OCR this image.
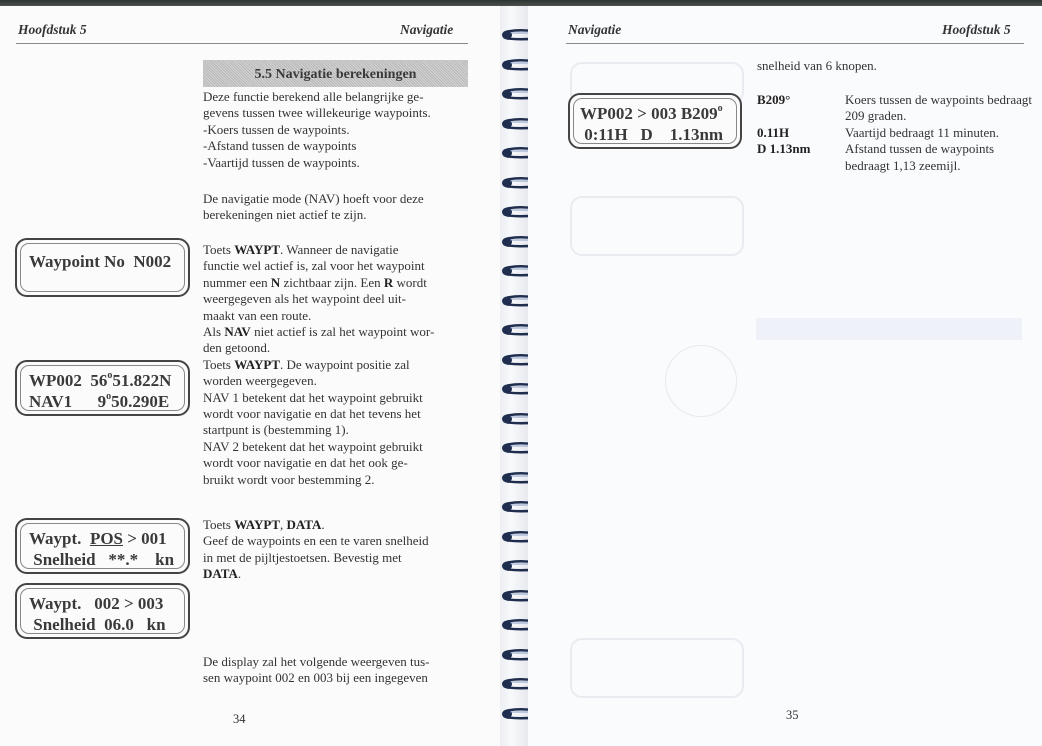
Hoofdstuk 5	Navigatie
5.5 Navigatie berekeningen

Deze functie berekend alle belangrijke ge-

gevens tussen twee willekeurige waypoints.

-Koers tussen de waypoints.

-Afstand tussen de waypoints

-Vaartijd tussen de waypoints.

De navigatie mode (NAV) hoeft voor deze

berekeningen niet actief te zijn.

Toets WAYPT. Wanneer de navigatie

functie wel actief is, zal voor het waypoint

nummer een N zichtbaar zijn. Een R wordt

weergegeven als het waypoint deel uit-

maakt van een route.

Als NAV niet actief is zal het waypoint wor-

den getoond.

Toets WAYPT. De waypoint positie zal

worden weergegeven.

NAV 1 betekent dat het waypoint gebruikt

wordt voor navigatie en dat het tevens het

startpunt is (bestemming 1).

NAV 2 betekent dat het waypoint gebruikt

wordt voor navigatie en dat het ook ge-

bruikt wordt voor bestemming 2.

Toets WAYPT, DATA.

Geef de waypoints en een te varen snelheid

in met de pijltjestoetsen. Bevestig met

DATA.

De display zal het volgende weergeven tus-

sen waypoint 002 en 003 bij een ingegeven

Waypoint No  N002
WP002 56$^o$51.822N
NAV1 9$^o$50.290E
Waypt. POS > 001
Snelheid **.* kn
Waypt. 002 > 003
Snelheid 06.0 kn
34
Navigatie	Hoofdstuk 5
snelheid van 6 knopen.
WP002 > 003 B209$^o$
0:11H   D    1.13nm
B209°	Koers tussen de waypoints bedraagt 209 graden.
0.11H	Vaartijd bedraagt 11 minuten.
D 1.13nm	Afstand tussen de waypoints bedraagt 1,13 zeemijl.
35
